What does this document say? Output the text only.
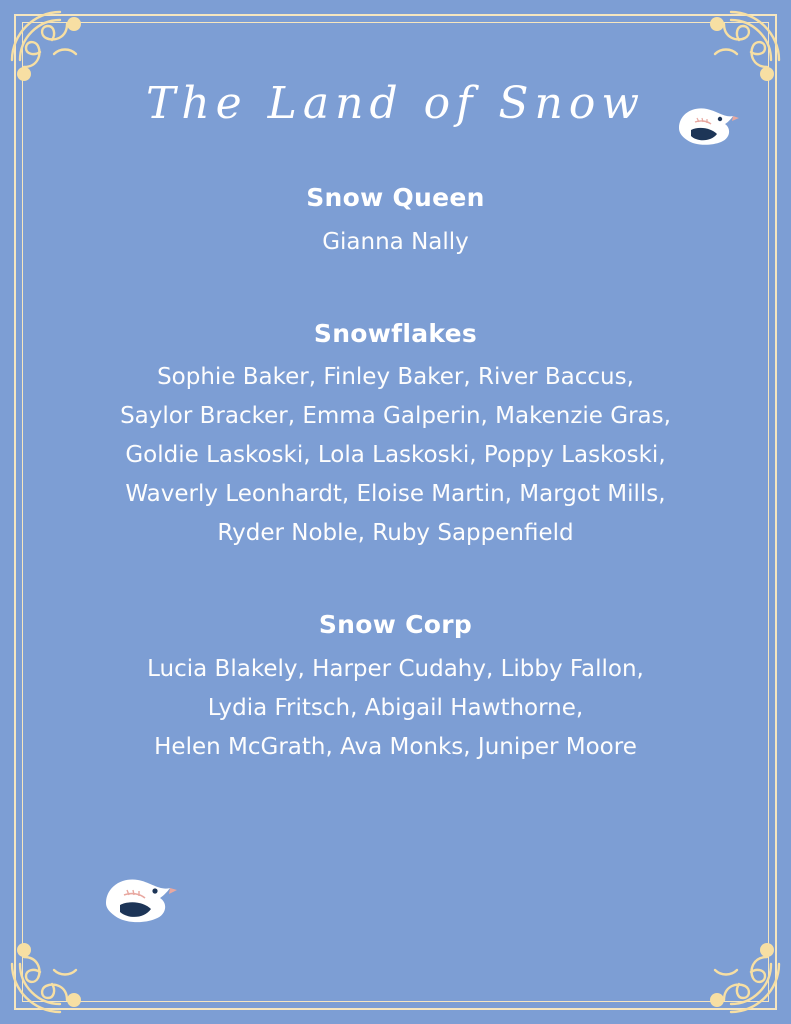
The Land of Snow
Snow Queen
Gianna Nally
Snowflakes
Sophie Baker, Finley Baker, River Baccus,
Saylor Bracker, Emma Galperin, Makenzie Gras,
Goldie Laskoski, Lola Laskoski, Poppy Laskoski,
Waverly Leonhardt, Eloise Martin, Margot Mills,
Ryder Noble, Ruby Sappenfield
Snow Corp
Lucia Blakely, Harper Cudahy, Libby Fallon,
Lydia Fritsch, Abigail Hawthorne,
Helen McGrath, Ava Monks, Juniper Moore
